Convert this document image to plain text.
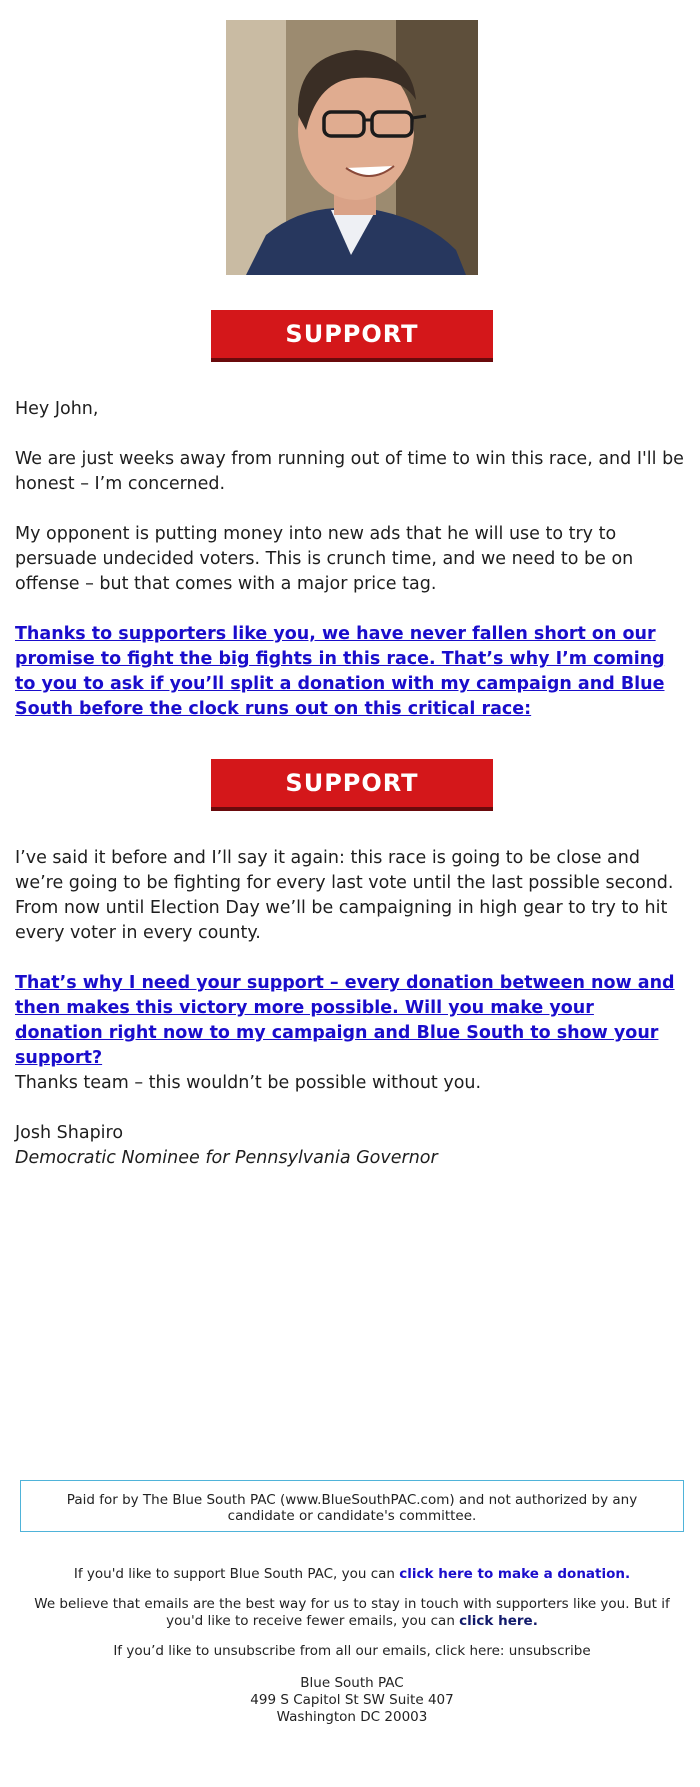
SUPPORT

Hey John,

We are just weeks away from running out of time to win this race, and I'll be honest – I’m concerned.

My opponent is putting money into new ads that he will use to try to persuade undecided voters. This is crunch time, and we need to be on offense – but that comes with a major price tag.

Thanks to supporters like you, we have never fallen short on our promise to fight the big fights in this race. That’s why I’m coming to you to ask if you’ll split a donation with my campaign and Blue South before the clock runs out on this critical race:

SUPPORT

I’ve said it before and I’ll say it again: this race is going to be close and we’re going to be fighting for every last vote until the last possible second. From now until Election Day we’ll be campaigning in high gear to try to hit every voter in every county.

That’s why I need your support – every donation between now and then makes this victory more possible. Will you make your donation right now to my campaign and Blue South to show your support?

Thanks team – this wouldn’t be possible without you.

Josh Shapiro

Democratic Nominee for Pennsylvania Governor

Paid for by The Blue South PAC (www.BlueSouthPAC.com) and not authorized by any candidate or candidate's committee.

If you'd like to support Blue South PAC, you can click here to make a donation.

We believe that emails are the best way for us to stay in touch with supporters like you. But if you'd like to receive fewer emails, you can click here.

If you’d like to unsubscribe from all our emails, click here: unsubscribe

Blue South PAC

499 S Capitol St SW Suite 407

Washington DC 20003
